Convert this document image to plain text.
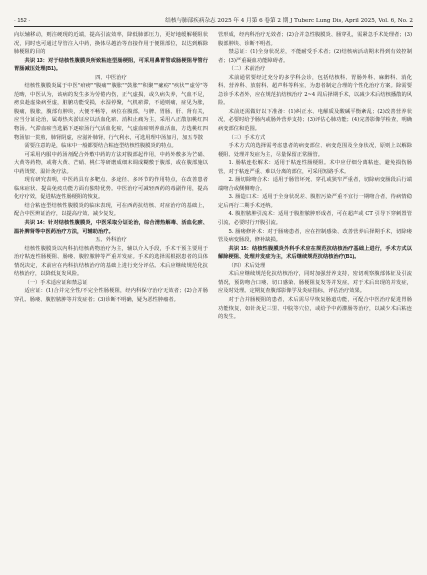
· 152 ·	结核与肺部疾病杂志 2025 年 4 月第 6 卷第 2 期 J Tuberc Lung Dis, April 2025, Vol. 6, No. 2

向坛辅移动，则注硬现的近端，提高引流效率，降低肺部压力，更好地缓解梗阻状况，同时也可通过导管注入中药，换体尽越治等直接作用于便阻部位，以达到解除肺梗阻的目的

共识 13：对于结核性腹膜炎所致粘连型肠梗阻，可采用鼻胃管或肠梗阻导管行胃肠减压处理(B1)。

四、中医治疗

结核性腹膜炎属于中医"疳痨""腹痛""腹胀""鼓胀""积聚""瘰疬""疾状""虚劳"等范畴，中医认为，该病的发生多为劳倦内伤，正气虚损，或久病失养，气血不足，痨虫趁虚染病至虚，脏腑功能受损，水湿停聚，气机瘀滞，不通则痛，症见为胀，腹痛，腹胀，腹部有肿块，大便不畅等，病位在腹部，与脾、胃肠、肝、肾有关，应当分证论治，属毒热夹淤证应以活血化瘀、消积止痛为主，采用八正散加桃红四物汤。气滞血瘀当选膈下逐瘀汤行气活血化瘀，气虚血瘀则养血活血，方选桃红四物汤加一贯煎，肺肾阴虚，应滋补肺肾，行气利水，可选用理中汤加月，加五苓散

需要注意的是，临床中一般都要结合粘连型结核性腹膜炎的特点。

可采用内服中药汤剂配合外敷中药的方法对腹部起作用，中药外敷多为芒硝、大黄等药物，或将大黄、芒硝、桃仁等研磨成细末调成糊敷于腹部，或在腹部施以中药烫熨、温针灸疗法。

现有研究表明，中医药具有多靶点、多途径、多环节的作用特点，在改善患者临床症状、提高免疫功能方面有独特优势。中医治疗可减轻西药的毒副作用，提高化疗疗效，促进粘连性肠梗阻的恢复。

结合粘连型结核性腹膜炎的临床表现，可在西药抗结核、对症治疗的基础上，配合中医辨证治疗，以提高疗效、减少复发。

共识 14：针对结核性腹膜炎，中医采取分证论治，综合清热解毒、活血化瘀、温补脾肾等中医药治疗方法，可辅助治疗。

五、外科治疗

结核性腹膜炎以内科抗结核药物治疗为主，辅以介入手段，手术干预主要用于治疗粘连性肠梗阻、肠瘘、腹腔脓肿等严重并发症。手术的选择需根据患者的具体情况决定，术前应在内科抗结核治疗的基础上进行充分评估。术后应继续规范化抗结核治疗，以降低复发风险。

（一）手术适应证和禁忌证

适应证：(1)合并完全性/不完全性肠梗阻，经内科保守治疗无效者；(2)合并肠穿孔、肠瘘、腹腔脓肿等并发症者；(3)诊断不明确，疑为恶性肿瘤者。

管形成，经内科治疗无效者；(2)合并急性腹膜炎、肠穿孔，需紧急手术处理者；(3)腹部肿块、诊断不明者。

禁忌证：(1)全身状况差，不能耐受手术者；(2)结核病活动期未得到有效控制者；(3)严重凝血功能障碍者。

（二）术前治疗

术前通常要经过充分的多学科会诊，包括结核科、胃肠外科、麻醉科、消化科、营养科、放射科、超声科等科室，为患者制定合理的个性化治疗方案。除需要急诊手术者外，应在规范抗结核治疗 2~4 周后择期手术，以减少术后结核播散的风险。

术前还需做好以下准备：(1)纠正水、电解质及酸碱平衡紊乱；(2)改善营养状况，必要时给予肠内或肠外营养支持；(3)评估心肺功能；(4)完善影像学检查，明确病变部位和范围。

（三）手术方式

手术方式的选择需考虑患者的病变部位、病变范围及全身状况，原则上以解除梗阻、处理并发症为主，尽量保留正常肠管。

1. 肠粘连松解术：适用于粘连性肠梗阻。术中应仔细分离粘连，避免损伤肠管，对于粘连严重、难以分离的部位，可采用短路手术。

2. 肠切除吻合术：适用于肠管坏死、穿孔或狭窄严重者，切除病变肠段后行端端吻合或侧侧吻合。

3. 肠造口术：适用于全身状况差、腹腔污染严重不宜行一期吻合者，待病情稳定后再行二期手术还纳。

4. 腹腔脓肿引流术：适用于腹腔脓肿形成者，可在超声或 CT 引导下穿刺置管引流，必要时行开腹引流。

5. 肠瘘修补术：对于肠瘘患者，应在控制感染、改善营养后择期手术，切除瘘管及病变肠段，修补缺损。

共识 15：结核性腹膜炎外科手术应在规范抗结核治疗基础上进行，手术方式以解除梗阻、处理并发症为主，术后继续规范抗结核治疗(B1)。

（四）术后处理

术后应继续规范化抗结核治疗，同时加强营养支持，密切观察腹部体征及引流情况，预防吻合口瘘、切口感染、肠梗阻复发等并发症。对于术后出现的并发症，应及时处理。定期复查腹部影像学及炎症指标，评估治疗效果。

对于合并肠梗阻的患者，术后需尽早恢复肠道功能，可配合中医治疗促进胃肠功能恢复，如针灸足三里、中脘等穴位，或给予中药灌肠等治疗，以减少术后粘连的发生。
